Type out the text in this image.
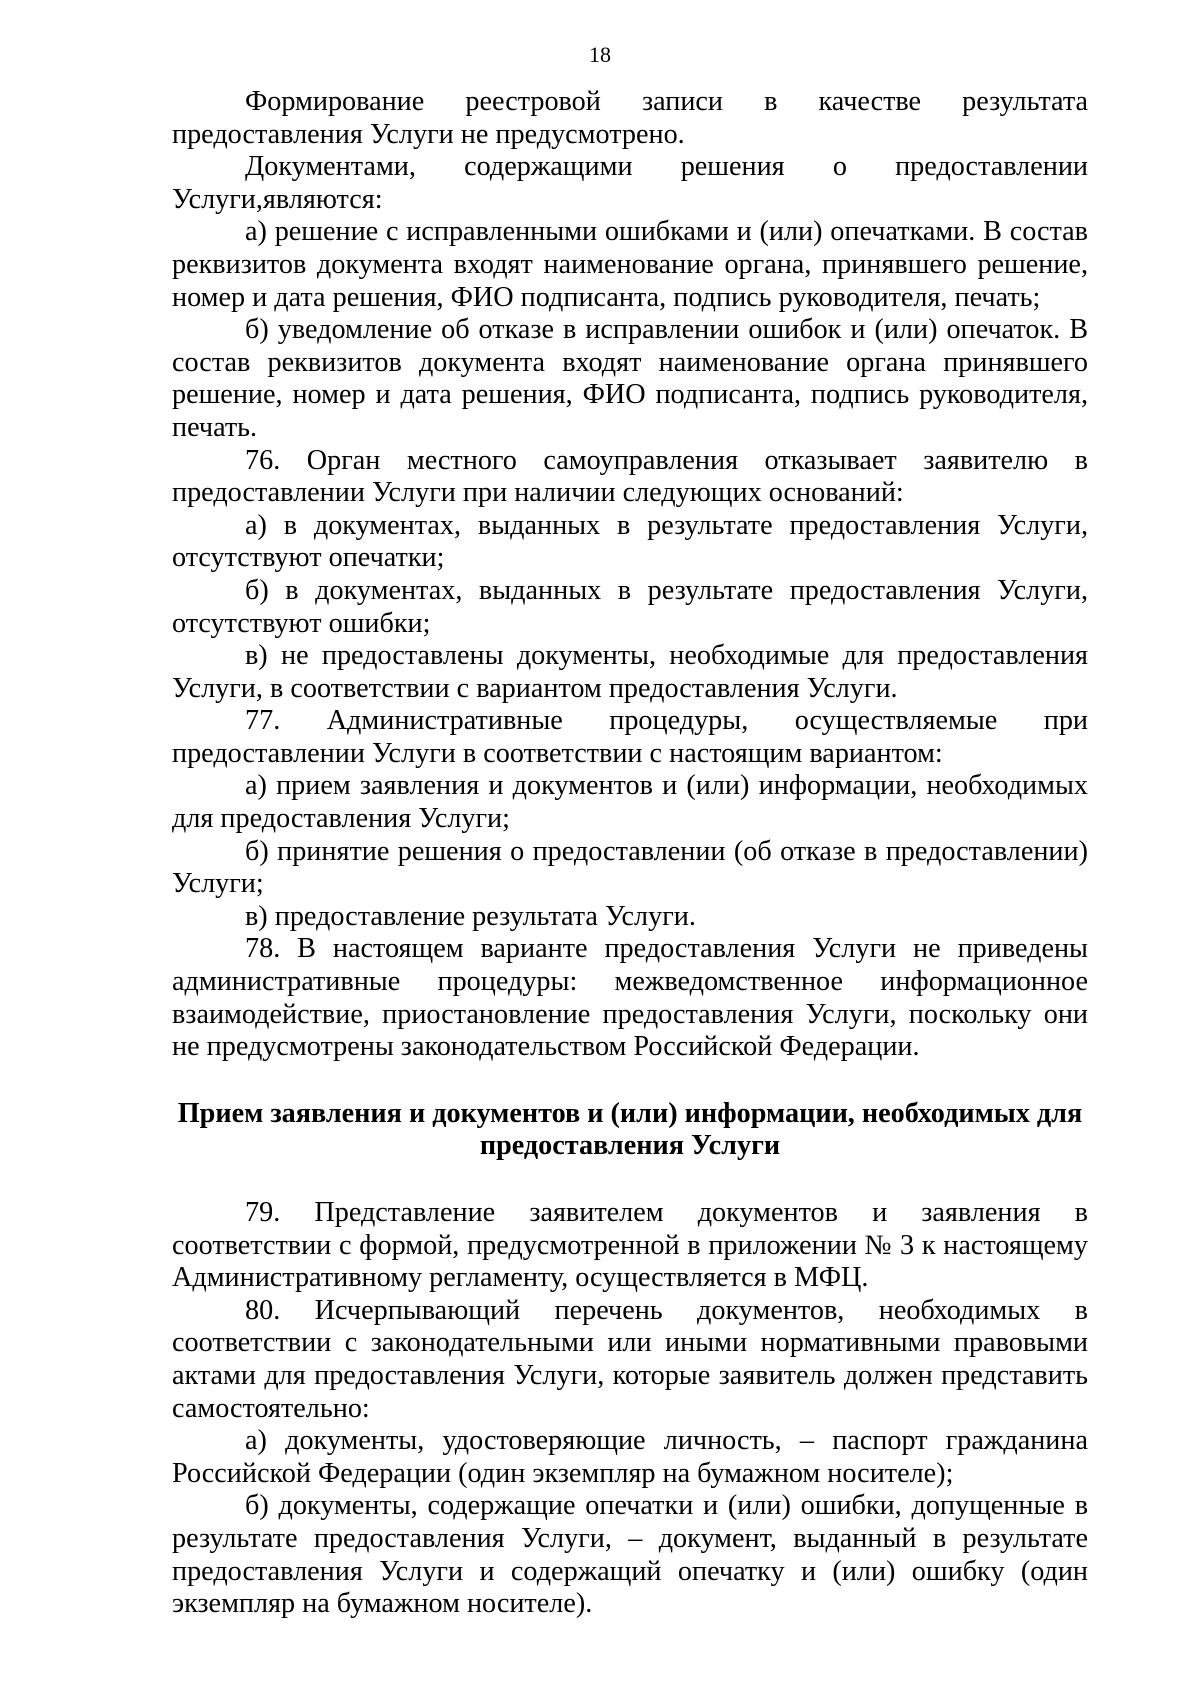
18

Формирование реестровой записи в качестве результата предоставления Услуги не предусмотрено.

Документами, содержащими решения о предоставлении Услуги,являются:

а) решение с исправленными ошибками и (или) опечатками. В состав реквизитов документа входят наименование органа, принявшего решение, номер и дата решения, ФИО подписанта, подпись руководителя, печать;

б) уведомление об отказе в исправлении ошибок и (или) опечаток. В состав реквизитов документа входят наименование органа принявшего решение, номер и дата решения, ФИО подписанта, подпись руководителя, печать.

76. Орган местного самоуправления отказывает заявителю в предоставлении Услуги при наличии следующих оснований:

а) в документах, выданных в результате предоставления Услуги, отсутствуют опечатки;

б) в документах, выданных в результате предоставления Услуги, отсутствуют ошибки;

в) не предоставлены документы, необходимые для предоставления Услуги, в соответствии с вариантом предоставления Услуги.

77. Административные процедуры, осуществляемые при предоставлении Услуги в соответствии с настоящим вариантом:

а) прием заявления и документов и (или) информации, необходимых для предоставления Услуги;

б) принятие решения о предоставлении (об отказе в предоставлении) Услуги;

в) предоставление результата Услуги.

78. В настоящем варианте предоставления Услуги не приведены административные процедуры: межведомственное информационное взаимодействие, приостановление предоставления Услуги, поскольку они не предусмотрены законодательством Российской Федерации.

Прием заявления и документов и (или) информации, необходимых для предоставления Услуги

79. Представление заявителем документов и заявления в соответствии с формой, предусмотренной в приложении № 3 к настоящему Административному регламенту, осуществляется в МФЦ.

80. Исчерпывающий перечень документов, необходимых в соответствии с законодательными или иными нормативными правовыми актами для предоставления Услуги, которые заявитель должен представить самостоятельно:

а) документы, удостоверяющие личность, – паспорт гражданина Российской Федерации (один экземпляр на бумажном носителе);

б) документы, содержащие опечатки и (или) ошибки, допущенные в результате предоставления Услуги, – документ, выданный в результате предоставления Услуги и содержащий опечатку и (или) ошибку (один экземпляр на бумажном носителе).
